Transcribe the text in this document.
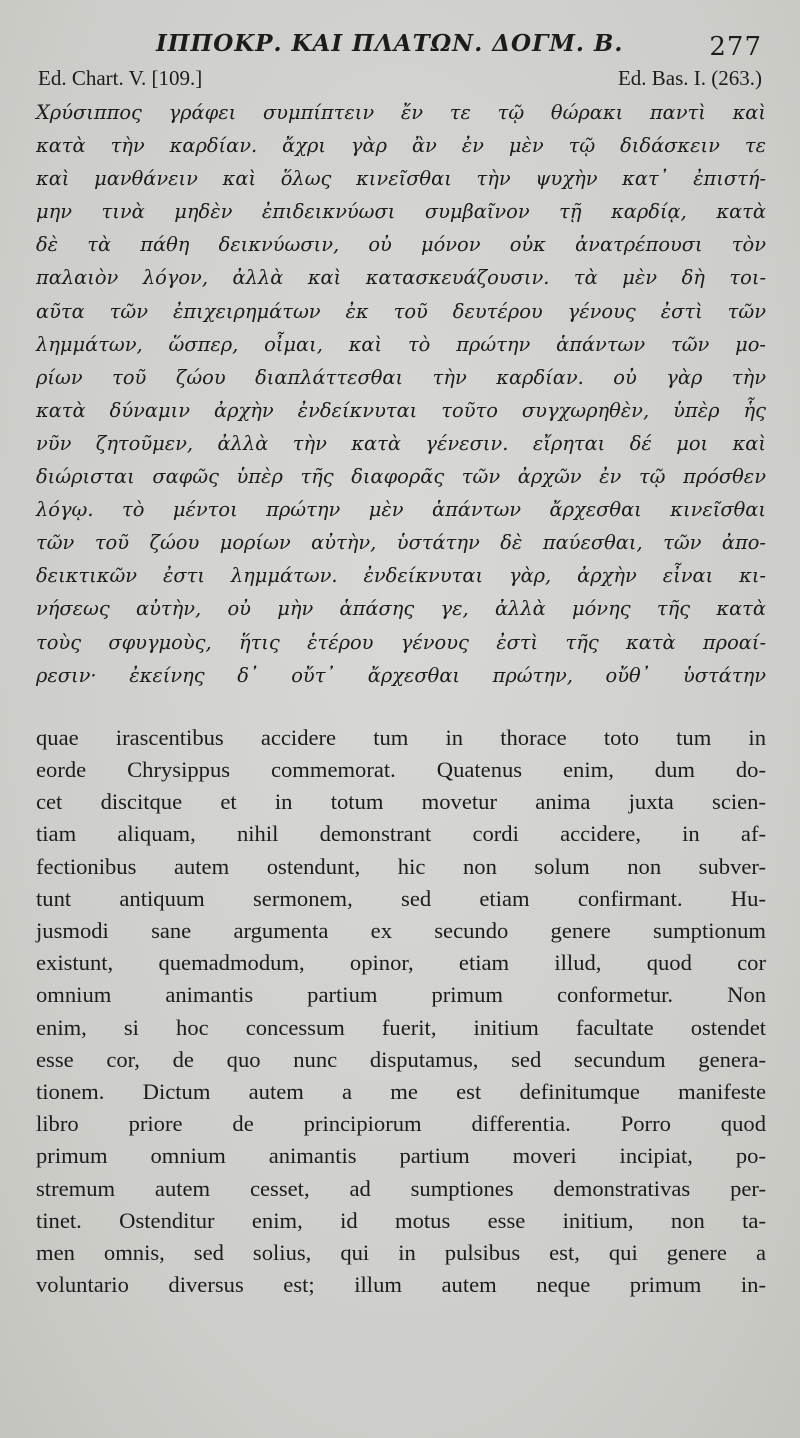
ΙΠΠΟΚΡ. ΚΑΙ ΠΛΑΤΩΝ. ΔΟΓΜ. Β.	277
Ed. Chart. V. [109.]	Ed. Bas. I. (263.)
Χρύσιππος γράφει συμπίπτειν ἔν τε τῷ θώρακι παντὶ καὶ
κατὰ τὴν καρδίαν. ἄχρι γὰρ ἂν ἐν μὲν τῷ διδάσκειν τε
καὶ μανθάνειν καὶ ὅλως κινεῖσθαι τὴν ψυχὴν κατ᾽ ἐπιστή-
μην τινὰ μηδὲν ἐπιδεικνύωσι συμβαῖνον τῇ καρδίᾳ, κατὰ
δὲ τὰ πάθη δεικνύωσιν, οὐ μόνον οὐκ ἀνατρέπουσι τὸν
παλαιὸν λόγον, ἀλλὰ καὶ κατασκευάζουσιν. τὰ μὲν δὴ τοι-
αῦτα τῶν ἐπιχειρημάτων ἐκ τοῦ δευτέρου γένους ἐστὶ τῶν
λημμάτων, ὥσπερ, οἶμαι, καὶ τὸ πρώτην ἁπάντων τῶν μο-
ρίων τοῦ ζώου διαπλάττεσθαι τὴν καρδίαν. οὐ γὰρ τὴν
κατὰ δύναμιν ἀρχὴν ἐνδείκνυται τοῦτο συγχωρηθὲν, ὑπὲρ ἧς
νῦν ζητοῦμεν, ἀλλὰ τὴν κατὰ γένεσιν. εἴρηται δέ μοι καὶ
διώρισται σαφῶς ὑπὲρ τῆς διαφορᾶς τῶν ἀρχῶν ἐν τῷ πρόσθεν
λόγῳ. τὸ μέντοι πρώτην μὲν ἁπάντων ἄρχεσθαι κινεῖσθαι
τῶν τοῦ ζώου μορίων αὐτὴν, ὑστάτην δὲ παύεσθαι, τῶν ἀπο-
δεικτικῶν ἐστι λημμάτων. ἐνδείκνυται γὰρ, ἀρχὴν εἶναι κι-
νήσεως αὐτὴν, οὐ μὴν ἁπάσης γε, ἀλλὰ μόνης τῆς κατὰ
τοὺς σφυγμοὺς, ἥτις ἑτέρου γένους ἐστὶ τῆς κατὰ προαί-
ρεσιν· ἐκείνης δ᾽ οὔτ᾽ ἄρχεσθαι πρώτην, οὔθ᾽ ὑστάτην
quae irascentibus accidere tum in thorace toto tum in
eorde Chrysippus commemorat. Quatenus enim, dum do-
cet discitque et in totum movetur anima juxta scien-
tiam aliquam, nihil demonstrant cordi accidere, in af-
fectionibus autem ostendunt, hic non solum non subver-
tunt antiquum sermonem, sed etiam confirmant. Hu-
jusmodi sane argumenta ex secundo genere sumptionum
existunt, quemadmodum, opinor, etiam illud, quod cor
omnium animantis partium primum conformetur. Non
enim, si hoc concessum fuerit, initium facultate ostendet
esse cor, de quo nunc disputamus, sed secundum genera-
tionem. Dictum autem a me est definitumque manifeste
libro priore de principiorum differentia. Porro quod
primum omnium animantis partium moveri incipiat, po-
stremum autem cesset, ad sumptiones demonstrativas per-
tinet. Ostenditur enim, id motus esse initium, non ta-
men omnis, sed solius, qui in pulsibus est, qui genere a
voluntario diversus est; illum autem neque primum in-
